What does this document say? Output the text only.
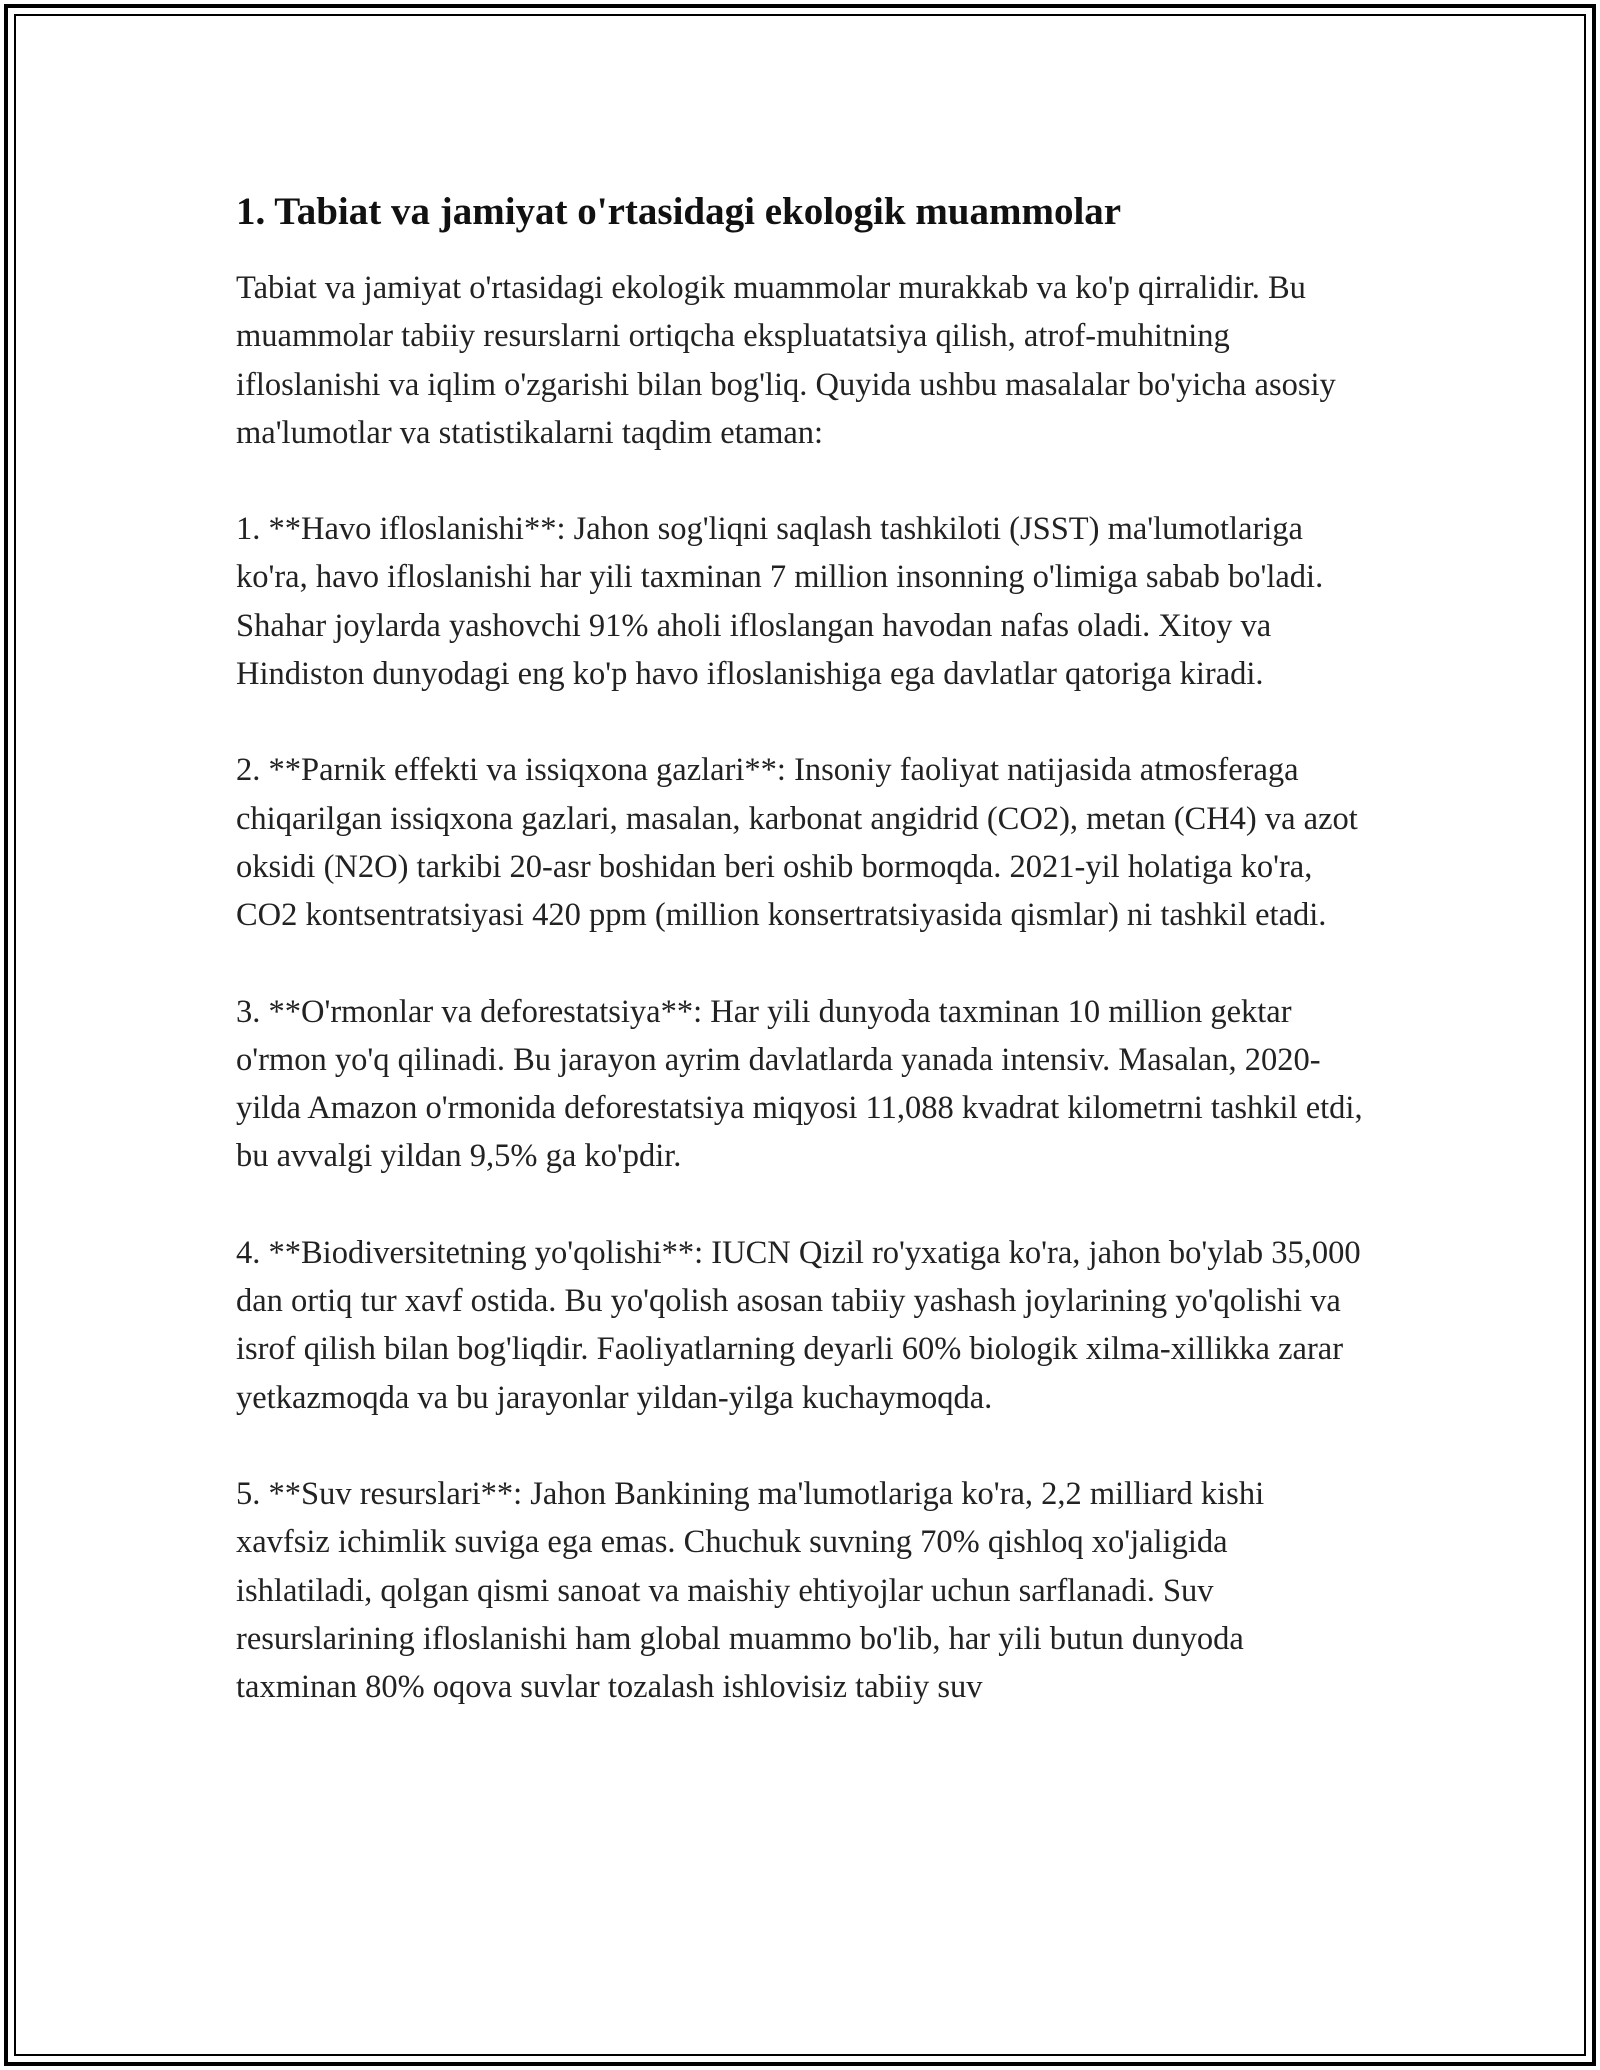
1. Tabiat va jamiyat o'rtasidagi ekologik muammolar

Tabiat va jamiyat o'rtasidagi ekologik muammolar murakkab va ko'p qirralidir. Bu muammolar tabiiy resurslarni ortiqcha ekspluatatsiya qilish, atrof-muhitning ifloslanishi va iqlim o'zgarishi bilan bog'liq. Quyida ushbu masalalar bo'yicha asosiy ma'lumotlar va statistikalarni taqdim etaman:

1. **Havo ifloslanishi**: Jahon sog'liqni saqlash tashkiloti (JSST) ma'lumotlariga ko'ra, havo ifloslanishi har yili taxminan 7 million insonning o'limiga sabab bo'ladi. Shahar joylarda yashovchi 91% aholi ifloslangan havodan nafas oladi. Xitoy va Hindiston dunyodagi eng ko'p havo ifloslanishiga ega davlatlar qatoriga kiradi.

2. **Parnik effekti va issiqxona gazlari**: Insoniy faoliyat natijasida atmosferaga chiqarilgan issiqxona gazlari, masalan, karbonat angidrid (CO2), metan (CH4) va azot oksidi (N2O) tarkibi 20-asr boshidan beri oshib bormoqda. 2021-yil holatiga ko'ra, CO2 kontsentratsiyasi 420 ppm (million konsertratsiyasida qismlar) ni tashkil etadi.

3. **O'rmonlar va deforestatsiya**: Har yili dunyoda taxminan 10 million gektar o'rmon yo'q qilinadi. Bu jarayon ayrim davlatlarda yanada intensiv. Masalan, 2020-yilda Amazon o'rmonida deforestatsiya miqyosi 11,088 kvadrat kilometrni tashkil etdi, bu avvalgi yildan 9,5% ga ko'pdir.

4. **Biodiversitetning yo'qolishi**: IUCN Qizil ro'yxatiga ko'ra, jahon bo'ylab 35,000 dan ortiq tur xavf ostida. Bu yo'qolish asosan tabiiy yashash joylarining yo'qolishi va isrof qilish bilan bog'liqdir. Faoliyatlarning deyarli 60% biologik xilma-xillikka zarar yetkazmoqda va bu jarayonlar yildan-yilga kuchaymoqda.

5. **Suv resurslari**: Jahon Bankining ma'lumotlariga ko'ra, 2,2 milliard kishi xavfsiz ichimlik suviga ega emas. Chuchuk suvning 70% qishloq xo'jaligida ishlatiladi, qolgan qismi sanoat va maishiy ehtiyojlar uchun sarflanadi. Suv resurslarining ifloslanishi ham global muammo bo'lib, har yili butun dunyoda taxminan 80% oqova suvlar tozalash ishlovisiz tabiiy suv
